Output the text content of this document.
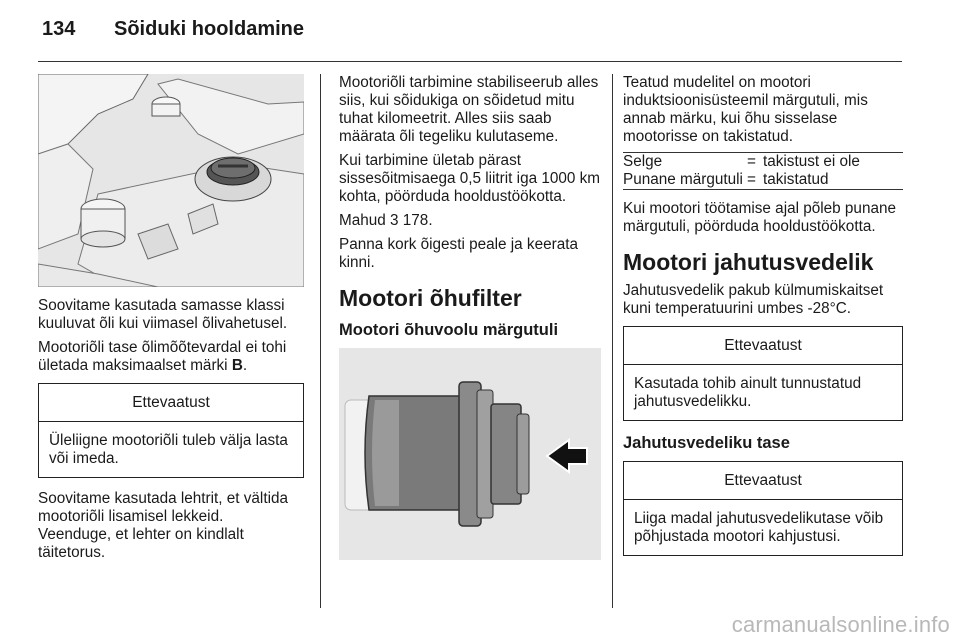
134	Sõiduki hooldamine

Soovitame kasutada samasse klassi kuuluvat õli kui viimasel õlivahetusel.

Mootoriõli tase õlimõõtevardal ei tohi ületada maksimaalset märki B.

Ettevaatust
Üleliigne mootoriõli tuleb välja lasta või imeda.

Soovitame kasutada lehtrit, et vältida mootoriõli lisamisel lekkeid.

Veenduge, et lehter on kindlalt täitetorus.

Mootoriõli tarbimine stabiliseerub alles siis, kui sõidukiga on sõidetud mitu tuhat kilomeetrit. Alles siis saab määrata õli tegeliku kulutaseme.

Kui tarbimine ületab pärast sissesõitmisaega 0,5 liitrit iga 1000 km kohta, pöörduda hooldustöökotta.

Mahud 3 178.

Panna kork õigesti peale ja keerata kinni.

Mootori õhufilter
Mootori õhuvoolu märgutuli

Teatud mudelitel on mootori induktsioonisüsteemil märgutuli, mis annab märku, kui õhu sisselase mootorisse on takistatud.

Selge	=	takistust ei ole
Punane märgutuli	=	takistatud

Kui mootori töötamise ajal põleb punane märgutuli, pöörduda hooldustöökotta.

Mootori jahutusvedelik

Jahutusvedelik pakub külmumiskaitset kuni temperatuurini umbes -28°C.

Ettevaatust
Kasutada tohib ainult tunnustatud jahutusvedelikku.
Jahutusvedeliku tase
Ettevaatust
Liiga madal jahutusvedelikutase võib põhjustada mootori kahjustusi.
carmanualsonline.info
